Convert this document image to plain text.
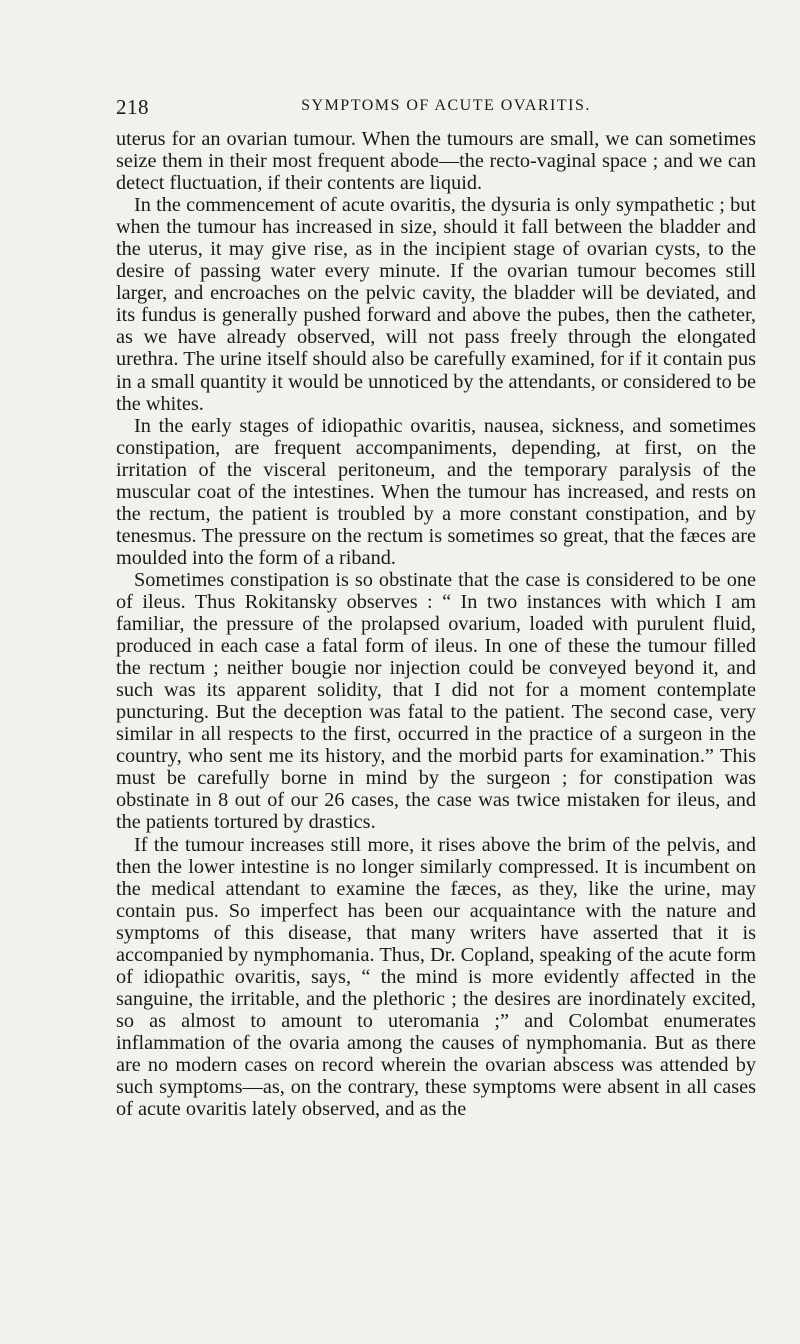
218	SYMPTOMS OF ACUTE OVARITIS.

uterus for an ovarian tumour. When the tumours are small, we can sometimes seize them in their most frequent abode—the recto-vaginal space ; and we can detect fluctuation, if their contents are liquid.

In the commencement of acute ovaritis, the dysuria is only sympathetic ; but when the tumour has increased in size, should it fall between the bladder and the uterus, it may give rise, as in the incipient stage of ovarian cysts, to the desire of passing water every minute. If the ovarian tumour becomes still larger, and encroaches on the pelvic cavity, the bladder will be deviated, and its fundus is generally pushed forward and above the pubes, then the catheter, as we have already observed, will not pass freely through the elongated urethra. The urine itself should also be carefully examined, for if it contain pus in a small quantity it would be unnoticed by the attendants, or considered to be the whites.

In the early stages of idiopathic ovaritis, nausea, sickness, and sometimes constipation, are frequent accompaniments, depending, at first, on the irritation of the visceral peritoneum, and the temporary paralysis of the muscular coat of the intestines. When the tumour has increased, and rests on the rectum, the patient is troubled by a more constant constipation, and by tenesmus. The pressure on the rectum is sometimes so great, that the fæces are moulded into the form of a riband.

Sometimes constipation is so obstinate that the case is considered to be one of ileus. Thus Rokitansky observes : “ In two instances with which I am familiar, the pressure of the prolapsed ovarium, loaded with purulent fluid, produced in each case a fatal form of ileus. In one of these the tumour filled the rectum ; neither bougie nor injection could be conveyed beyond it, and such was its apparent solidity, that I did not for a moment contemplate puncturing. But the deception was fatal to the patient. The second case, very similar in all respects to the first, occurred in the practice of a surgeon in the country, who sent me its history, and the morbid parts for examination.” This must be carefully borne in mind by the surgeon ; for constipation was obstinate in 8 out of our 26 cases, the case was twice mistaken for ileus, and the patients tortured by drastics.

If the tumour increases still more, it rises above the brim of the pelvis, and then the lower intestine is no longer similarly compressed. It is incumbent on the medical attendant to examine the fæces, as they, like the urine, may contain pus. So imperfect has been our acquaintance with the nature and symptoms of this disease, that many writers have asserted that it is accompanied by nymphomania. Thus, Dr. Copland, speaking of the acute form of idiopathic ovaritis, says, “ the mind is more evidently affected in the sanguine, the irritable, and the plethoric ; the desires are inordinately excited, so as almost to amount to uteromania ;” and Colombat enumerates inflammation of the ovaria among the causes of nymphomania. But as there are no modern cases on record wherein the ovarian abscess was attended by such symptoms—as, on the contrary, these symptoms were absent in all cases of acute ovaritis lately observed, and as the
